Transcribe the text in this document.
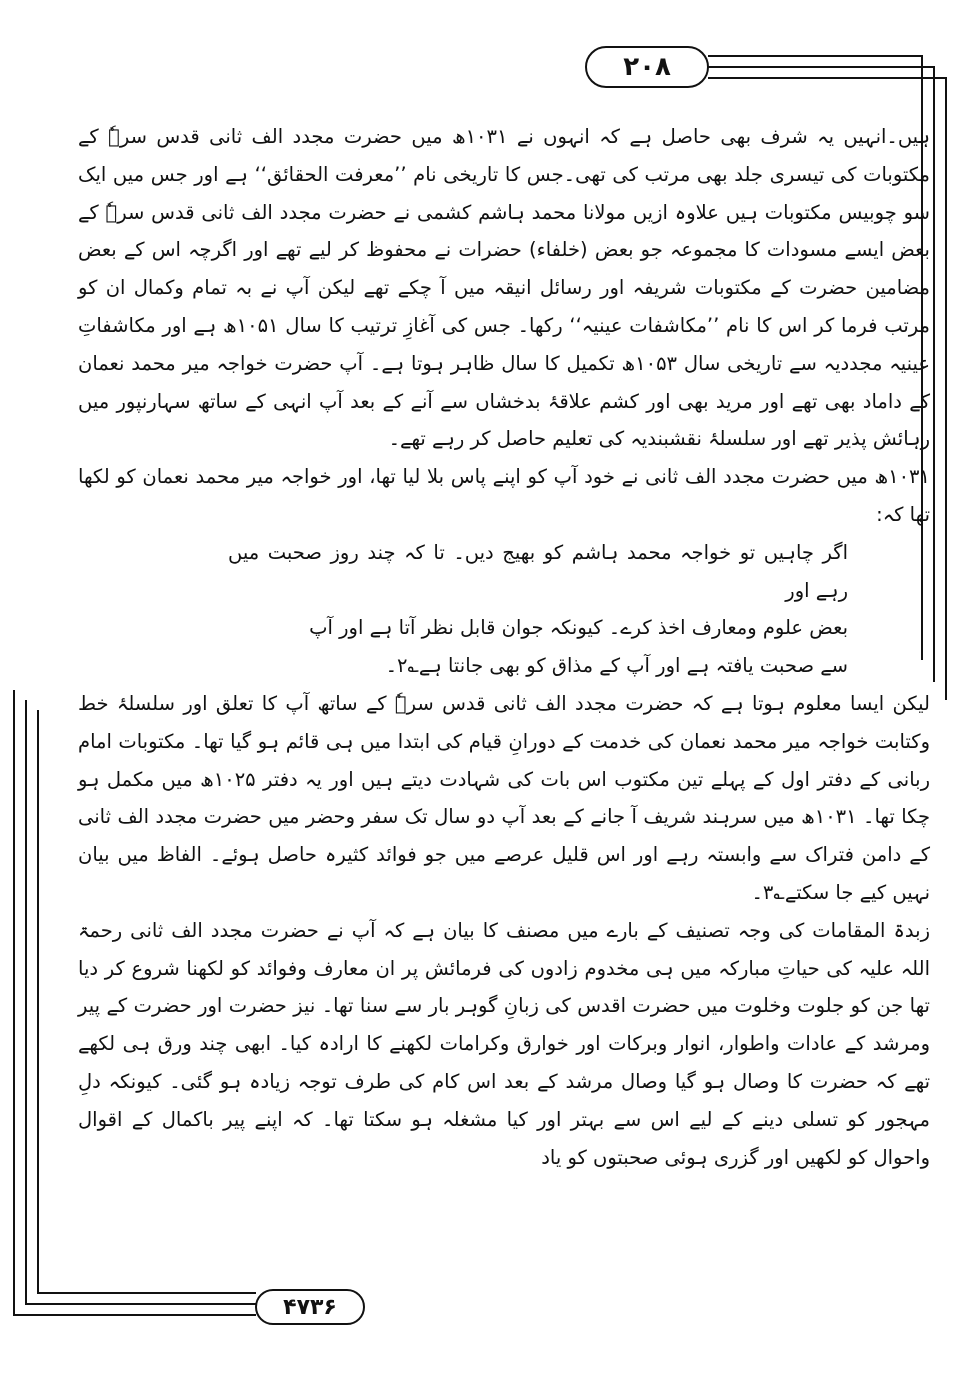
۲۰۸
۴۷۳۶

ہیں۔انہیں یہ شرف بھی حاصل ہے کہ انہوں نے ۱۰۳۱ھ میں حضرت مجدد الف ثانی قدس سرہٗ کے مکتوبات کی تیسری جلد بھی مرتب کی تھی۔جس کا تاریخی نام ’’معرفت الحقائق‘‘ ہے اور جس میں ایک سو چوبیس مکتوبات ہیں علاوہ ازیں مولانا محمد ہاشم کشمی نے حضرت مجدد الف ثانی قدس سرہٗ کے بعض ایسے مسودات کا مجموعہ جو بعض (خلفاء) حضرات نے محفوظ کر لیے تھے اور اگرچہ اس کے بعض مضامین حضرت کے مکتوبات شریفہ اور رسائل انیقہ میں آ چکے تھے لیکن آپ نے بہ تمام وکمال ان کو مرتب فرما کر اس کا نام ’’مکاشفات عینیہ‘‘ رکھا۔ جس کی آغازِ ترتیب کا سال ۱۰۵۱ھ ہے اور مکاشفاتِ عینیہ مجددیہ سے تاریخی سال ۱۰۵۳ھ تکمیل کا سال ظاہر ہوتا ہے۔ آپ حضرت خواجہ میر محمد نعمان کے داماد بھی تھے اور مرید بھی اور کشم علاقۂ بدخشاں سے آنے کے بعد آپ انہی کے ساتھ سہارنپور میں رہائش پذیر تھے اور سلسلۂ نقشبندیہ کی تعلیم حاصل کر رہے تھے۔

۱۰۳۱ھ میں حضرت مجدد الف ثانی نے خود آپ کو اپنے پاس بلا لیا تھا، اور خواجہ میر محمد نعمان کو لکھا تھا کہ:

اگر چاہیں تو خواجہ محمد ہاشم کو بھیج دیں۔ تا کہ چند روز صحبت میں رہے اور
بعض علوم ومعارف اخذ کرے۔ کیونکہ جوان قابل نظر آتا ہے اور آپ
سے صحبت یافتہ ہے اور آپ کے مذاق کو بھی جانتا ہے؎۲۔

لیکن ایسا معلوم ہوتا ہے کہ حضرت مجدد الف ثانی قدس سرہٗ کے ساتھ آپ کا تعلق اور سلسلۂ خط وکتابت خواجہ میر محمد نعمان کی خدمت کے دورانِ قیام کی ابتدا میں ہی قائم ہو گیا تھا۔ مکتوبات امام ربانی کے دفتر اول کے پہلے تین مکتوب اس بات کی شہادت دیتے ہیں اور یہ دفتر ۱۰۲۵ھ میں مکمل ہو چکا تھا۔ ۱۰۳۱ھ میں سرہند شریف آ جانے کے بعد آپ دو سال تک سفر وحضر میں حضرت مجدد الف ثانی کے دامن فتراک سے وابستہ رہے اور اس قلیل عرصے میں جو فوائد کثیرہ حاصل ہوئے۔ الفاظ میں بیان نہیں کیے جا سکتے؎۳۔

زبدۃ المقامات کی وجہ تصنیف کے بارے میں مصنف کا بیان ہے کہ آپ نے حضرت مجدد الف ثانی رحمۃ اللہ علیہ کی حیاتِ مبارکہ میں ہی مخدوم زادوں کی فرمائش پر ان معارف وفوائد کو لکھنا شروع کر دیا تھا جن کو جلوت وخلوت میں حضرت اقدس کی زبانِ گوہر بار سے سنا تھا۔ نیز حضرت اور حضرت کے پیر ومرشد کے عادات واطوار، انوار وبرکات اور خوارق وکرامات لکھنے کا ارادہ کیا۔ ابھی چند ورق ہی لکھے تھے کہ حضرت کا وصال ہو گیا وصال مرشد کے بعد اس کام کی طرف توجہ زیادہ ہو گئی۔ کیونکہ دلِ مہجور کو تسلی دینے کے لیے اس سے بہتر اور کیا مشغلہ ہو سکتا تھا۔ کہ اپنے پیر باکمال کے اقوال واحوال کو لکھیں اور گزری ہوئی صحبتوں کو یاد
